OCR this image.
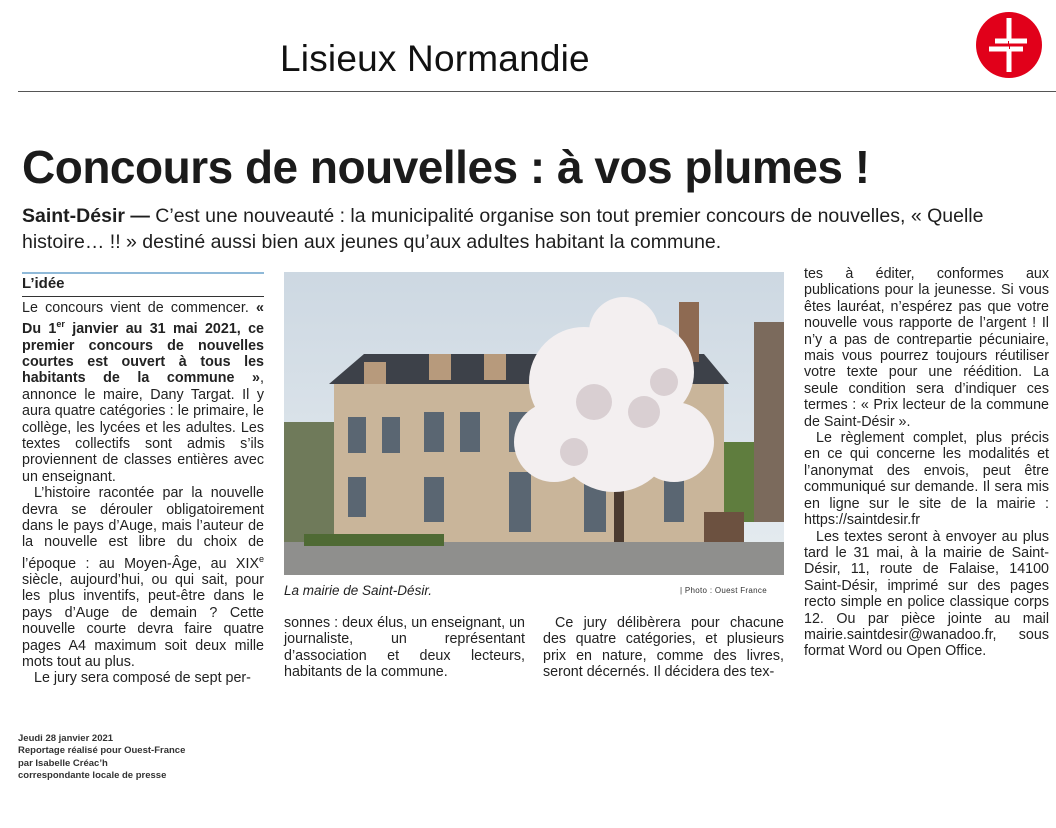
Lisieux Normandie
Concours de nouvelles : à vos plumes !
Saint-Désir — C’est une nouveauté : la municipalité organise son tout premier concours de nouvelles, « Quelle histoire… !! » destiné aussi bien aux jeunes qu’aux adultes habitant la commune.
L’idée

Le concours vient de commencer. « Du 1er janvier au 31 mai 2021, ce premier concours de nouvelles courtes est ouvert à tous les habitants de la commune », annonce le maire, Dany Targat. Il y aura quatre catégories : le primaire, le collège, les lycées et les adultes. Les textes collectifs sont admis s’ils proviennent de classes entières avec un enseignant.

L’histoire racontée par la nouvelle devra se dérouler obligatoirement dans le pays d’Auge, mais l’auteur de la nouvelle est libre du choix de l’époque : au Moyen-Âge, au XIXe siècle, aujourd’hui, ou qui sait, pour les plus inventifs, peut-être dans le pays d’Auge de demain ? Cette nouvelle courte devra faire quatre pages A4 maximum soit deux mille mots tout au plus.

Le jury sera composé de sept per-

La mairie de Saint-Désir.	| Photo : Ouest France

sonnes : deux élus, un enseignant, un journaliste, un représentant d’association et deux lecteurs, habitants de la commune.

Ce jury délibèrera pour chacune des quatre catégories, et plusieurs prix en nature, comme des livres, seront décernés. Il décidera des tex-

tes à éditer, conformes aux publications pour la jeunesse. Si vous êtes lauréat, n’espérez pas que votre nouvelle vous rapporte de l’argent ! Il n’y a pas de contrepartie pécuniaire, mais vous pourrez toujours réutiliser votre texte pour une réédition. La seule condition sera d’indiquer ces termes : « Prix lecteur de la commune de Saint-Désir ».

Le règlement complet, plus précis en ce qui concerne les modalités et l’anonymat des envois, peut être communiqué sur demande. Il sera mis en ligne sur le site de la mairie : https://saintdesir.fr

Les textes seront à envoyer au plus tard le 31 mai, à la mairie de Saint-Désir, 11, route de Falaise, 14100 Saint-Désir, imprimé sur des pages recto simple en police classique corps 12. Ou par pièce jointe au mail mairie.saintdesir@wanadoo.fr, sous format Word ou Open Office.

Jeudi 28 janvier 2021
Reportage réalisé pour Ouest-France
par Isabelle Créac’h
correspondante locale de presse
